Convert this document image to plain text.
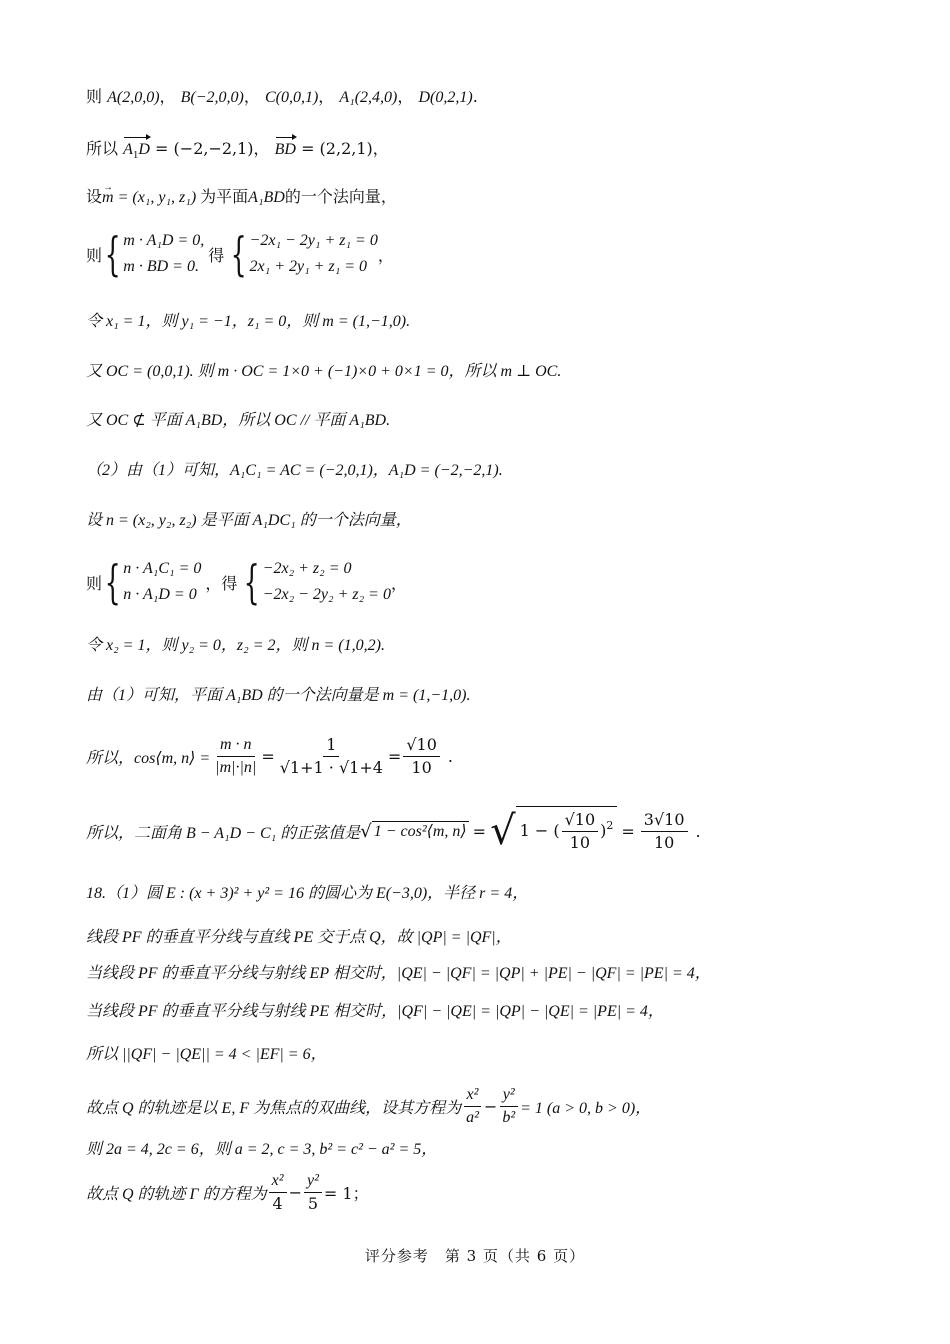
则 A(2,0,0)， B(−2,0,0)， C(0,0,1)， A₁(2,4,0)， D(0,2,1).
所以 $A_1D = (-2,-2,1)$， BD = (2,2,1)，
设→ m = (x₁, y₁, z₁) 为平面A₁BD的一个法向量，
则 { m · A₁D = 0,
m · BD = 0.
得 { −2x₁ − 2y₁ + z₁ = 0
2x₁ + 2y₁ + z₁ = 0
，
令 x₁ = 1，则 y₁ = −1，z₁ = 0，则 m = (1,−1,0).
又 OC = (0,0,1). 则 m · OC = 1×0 + (−1)×0 + 0×1 = 0，所以 m ⊥ OC.
又 OC ⊄ 平面 A₁BD，所以 OC // 平面 A₁BD.
（2）由（1）可知，A₁C₁ = AC = (−2,0,1)，A₁D = (−2,−2,1).
设 n = (x₂, y₂, z₂) 是平面 A₁DC₁ 的一个法向量，
则 { n · A₁C₁ = 0
n · A₁D = 0
，得 { −2x₂ + z₂ = 0
−2x₂ − 2y₂ + z₂ = 0
，
令 x₂ = 1，则 y₂ = 0，z₂ = 2，则 n = (1,0,2).
由（1）可知，平面 A₁BD 的一个法向量是 m = (1,−1,0).
所以，cos⟨m, n⟩ = $\frac{m \cdot n}{|m|\cdot|n|} = \frac{1}{√1+1 \cdot √1+4} = \frac{√10}{10}$ .
所以，二面角 B − A₁D − C₁ 的正弦值是 √ 1 − cos²⟨m, n⟩ = √ 1 − ( $\frac{√10}{10} )^2 = \frac{3√10}{10}$ .
18.（1）圆 E : (x + 3)² + y² = 16 的圆心为 E(−3,0)，半径 r = 4，
线段 PF 的垂直平分线与直线 PE 交于点 Q，故 |QP| = |QF|，
当线段 PF 的垂直平分线与射线 EP 相交时，|QE| − |QF| = |QP| + |PE| − |QF| = |PE| = 4，
当线段 PF 的垂直平分线与射线 PE 相交时，|QF| − |QE| = |QP| − |QE| = |PE| = 4，
所以 ||QF| − |QE|| = 4 < |EF| = 6，
故点 Q 的轨迹是以 E, F 为焦点的双曲线，设其方程为 $\frac{\text{x²}}{\text{a²}} - \frac{\text{y²}}{\text{b²}} = 1$ (a > 0, b > 0)，
则 2a = 4, 2c = 6，则 a = 2, c = 3, b² = c² − a² = 5，
故点 Q 的轨迹 Γ 的方程为 $\frac{\text{x²}}{4} - \frac{\text{y²}}{5} = 1$；
评分参考　第 3 页（共 6 页）
